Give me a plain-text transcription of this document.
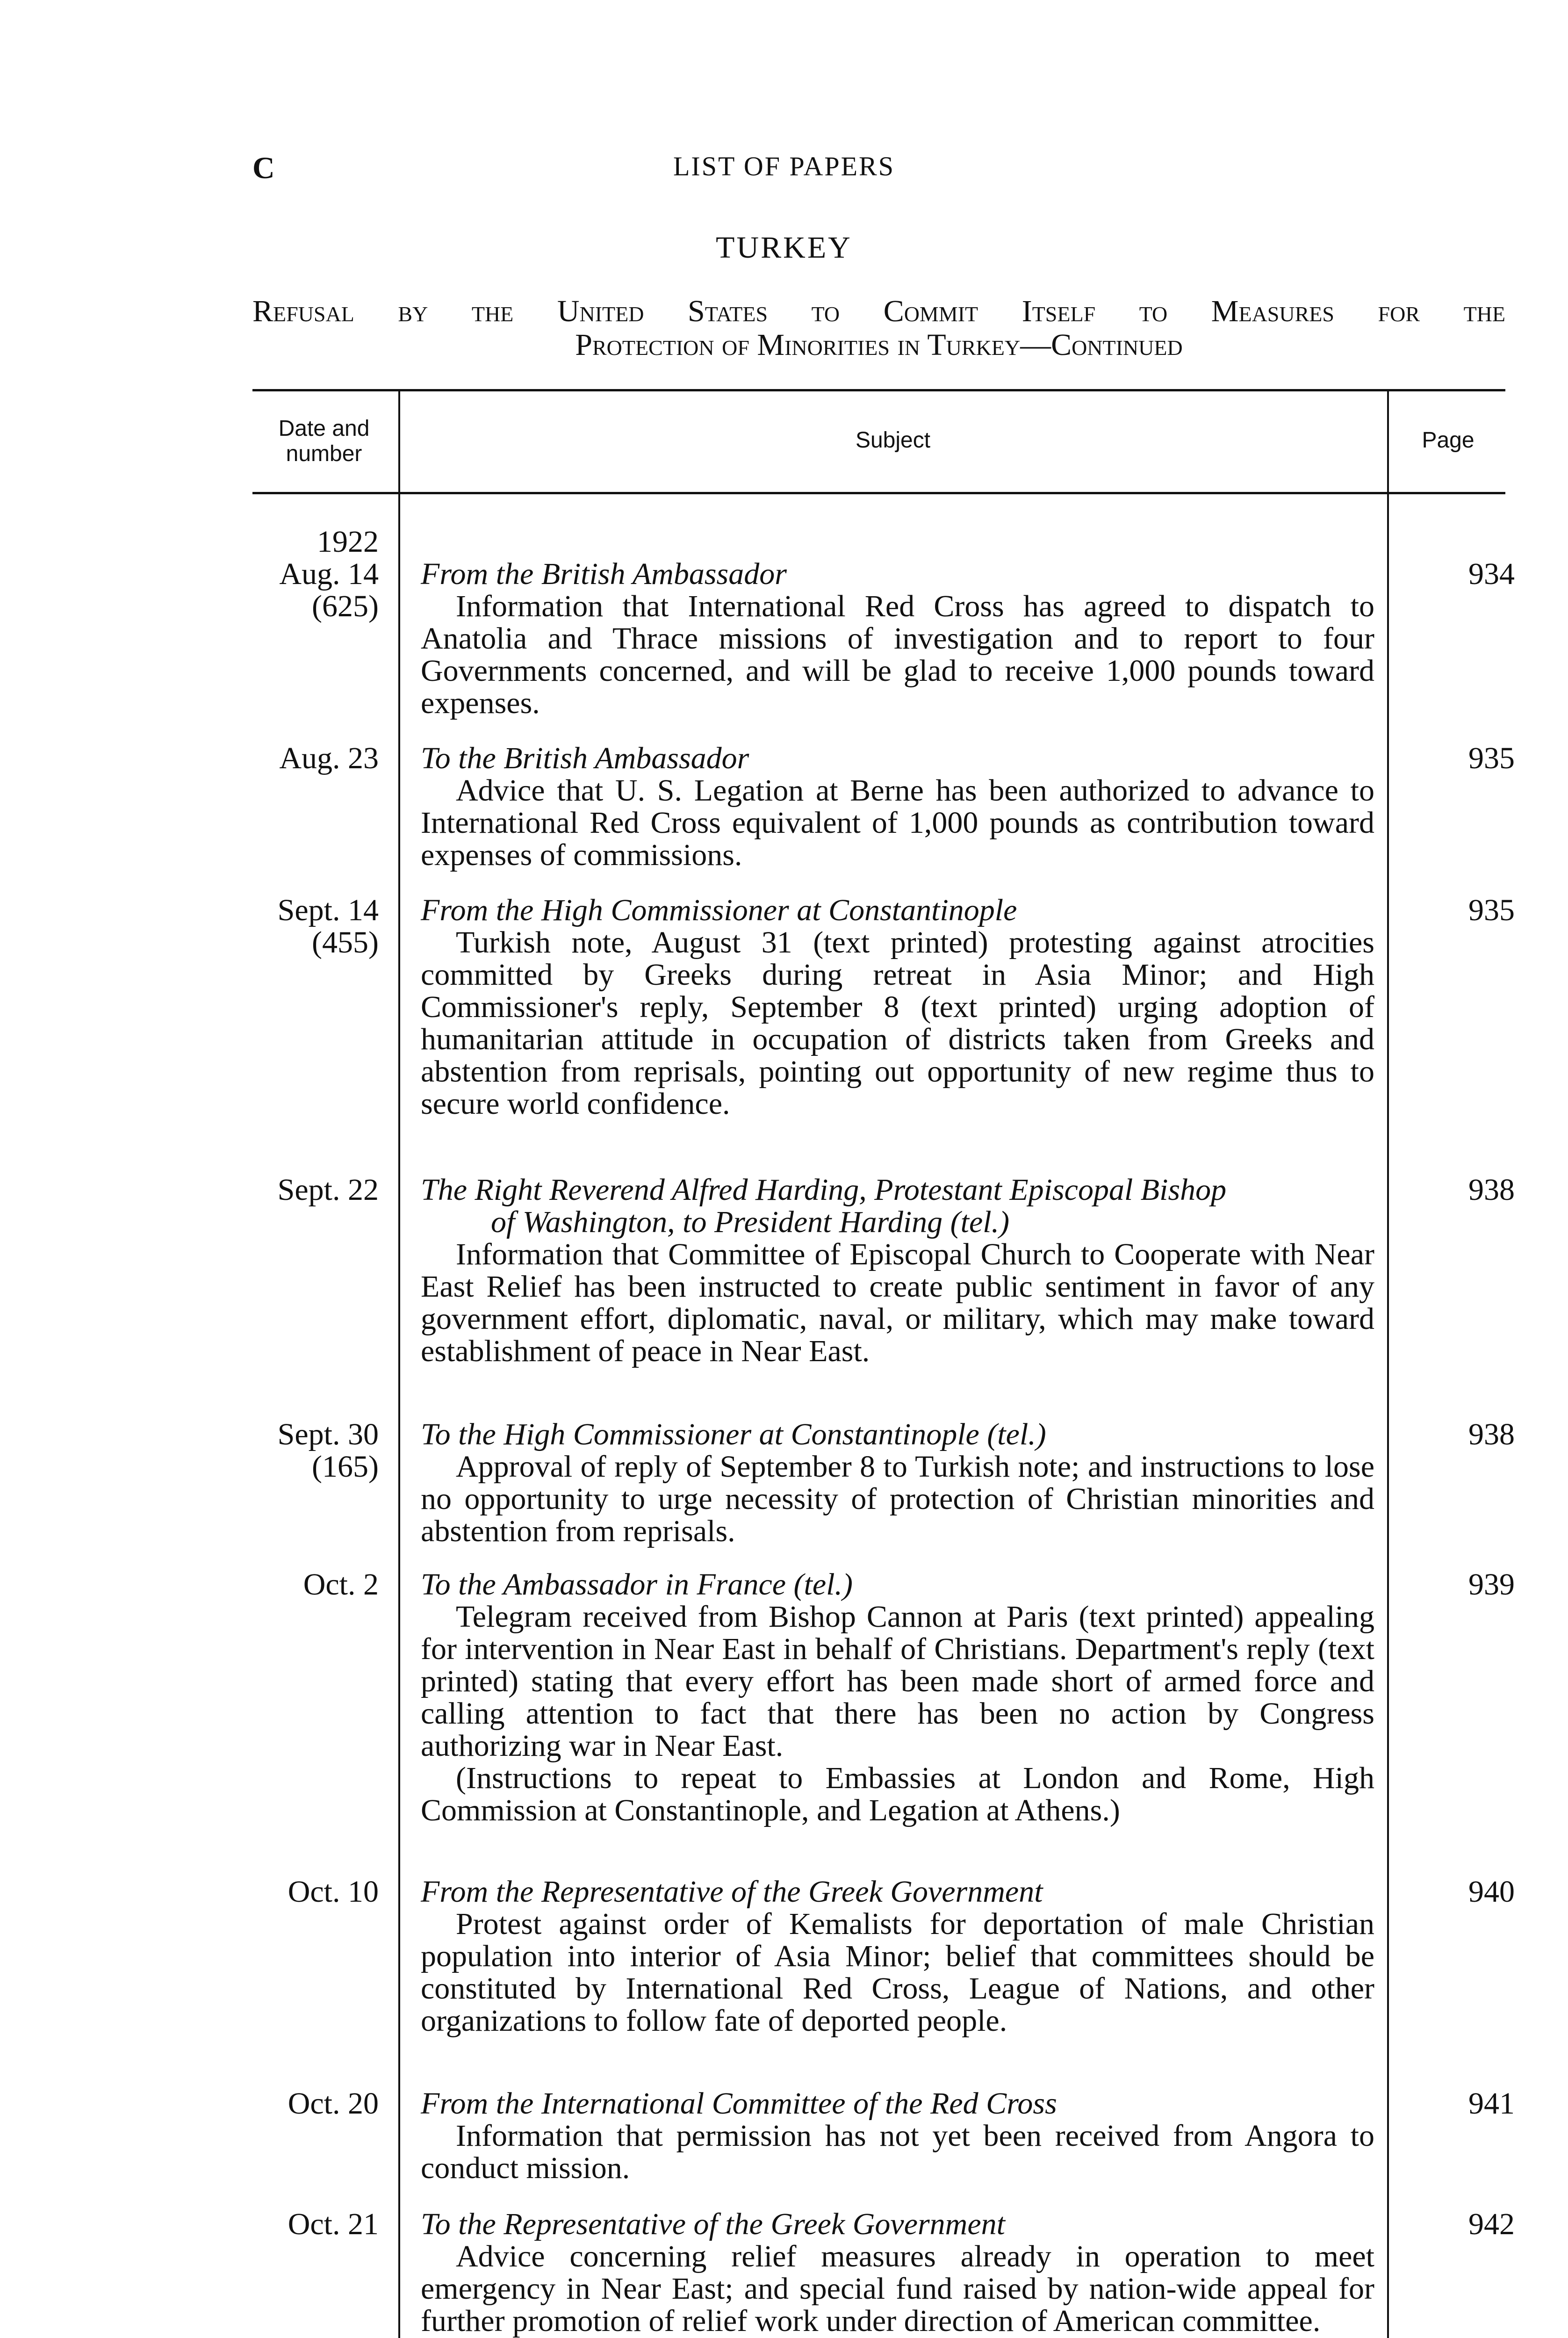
C	LIST OF PAPERS
TURKEY
Refusal by the United States to Commit Itself to Measures for the
Protection of Minorities in Turkey—Continued
Date and number
Subject	Page
1922
Aug. 14
(625)
From the British Ambassador
Information that International Red Cross has agreed to dispatch to Anatolia and Thrace missions of investigation and to report to four Governments concerned, and will be glad to receive 1,000 pounds toward expenses.
934
Aug. 23 To the British Ambassador
Advice that U. S. Legation at Berne has been authorized to advance to International Red Cross equivalent of 1,000 pounds as contribution toward expenses of commissions.
935
Sept. 14
(455)
From the High Commissioner at Constantinople
Turkish note, August 31 (text printed) protesting against atrocities committed by Greeks during retreat in Asia Minor; and High Commissioner's reply, September 8 (text printed) urging adoption of humanitarian attitude in occupation of districts taken from Greeks and abstention from reprisals, pointing out opportunity of new regime thus to secure world confidence.
935
Sept. 22 The Right Reverend Alfred Harding, Protestant Episcopal Bishop
of Washington, to President Harding (tel.)
Information that Committee of Episcopal Church to Cooperate with Near East Relief has been instructed to create public sentiment in favor of any government effort, diplomatic, naval, or military, which may make toward establishment of peace in Near East.
938
Sept. 30
(165)
To the High Commissioner at Constantinople (tel.)
Approval of reply of September 8 to Turkish note; and instructions to lose no opportunity to urge necessity of protection of Christian minorities and abstention from reprisals.
938
Oct. 2 To the Ambassador in France (tel.)
Telegram received from Bishop Cannon at Paris (text printed) appealing for intervention in Near East in behalf of Christians. Department's reply (text printed) stating that every effort has been made short of armed force and calling attention to fact that there has been no action by Congress authorizing war in Near East.
(Instructions to repeat to Embassies at London and Rome, High Commission at Constantinople, and Legation at Athens.)
939
Oct. 10 From the Representative of the Greek Government
Protest against order of Kemalists for deportation of male Christian population into interior of Asia Minor; belief that committees should be constituted by International Red Cross, League of Nations, and other organizations to follow fate of deported people.
940
Oct. 20 From the International Committee of the Red Cross
Information that permission has not yet been received from Angora to conduct mission.
941
Oct. 21 To the Representative of the Greek Government
Advice concerning relief measures already in operation to meet emergency in Near East; and special fund raised by nation-wide appeal for further promotion of relief work under direction of American committee.
942
